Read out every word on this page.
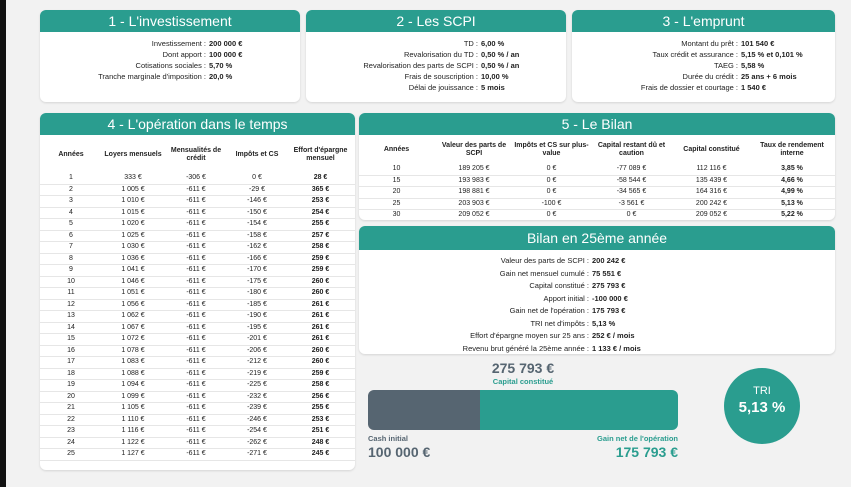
1 - L'investissement
Investissement : 200 000 €
Dont apport : 100 000 €
Cotisations sociales : 5,70 %
Tranche marginale d'imposition : 20,0 %
2 - Les SCPI
TD : 6,00 %
Revalorisation du TD : 0,50 % / an
Revalorisation des parts de SCPI : 0,50 % / an
Frais de souscription : 10,00 %
Délai de jouissance : 5 mois
3 - L'emprunt
Montant du prêt : 101 540 €
Taux crédit et assurance : 5,15 % et 0,101 %
TAEG : 5,58 %
Durée du crédit : 25 ans + 6 mois
Frais de dossier et courtage : 1 540 €
4 - L'opération dans le temps
Années	Loyers mensuels	Mensualités de crédit	Impôts et CS	Effort d'épargne mensuel
1	333 €	-306 €	0 €	28 €
2	1 005 €	-611 €	-29 €	365 €
3	1 010 €	-611 €	-146 €	253 €
4	1 015 €	-611 €	-150 €	254 €
5	1 020 €	-611 €	-154 €	255 €
6	1 025 €	-611 €	-158 €	257 €
7	1 030 €	-611 €	-162 €	258 €
8	1 036 €	-611 €	-166 €	259 €
9	1 041 €	-611 €	-170 €	259 €
10	1 046 €	-611 €	-175 €	260 €
11	1 051 €	-611 €	-180 €	260 €
12	1 056 €	-611 €	-185 €	261 €
13	1 062 €	-611 €	-190 €	261 €
14	1 067 €	-611 €	-195 €	261 €
15	1 072 €	-611 €	-201 €	261 €
16	1 078 €	-611 €	-206 €	260 €
17	1 083 €	-611 €	-212 €	260 €
18	1 088 €	-611 €	-219 €	259 €
19	1 094 €	-611 €	-225 €	258 €
20	1 099 €	-611 €	-232 €	256 €
21	1 105 €	-611 €	-239 €	255 €
22	1 110 €	-611 €	-246 €	253 €
23	1 116 €	-611 €	-254 €	251 €
24	1 122 €	-611 €	-262 €	248 €
25	1 127 €	-611 €	-271 €	245 €
5 - Le Bilan
Années	Valeur des parts de SCPI	Impôts et CS sur plus-value	Capital restant dû et caution	Capital constitué	Taux de rendement interne
10	189 205 €	0 €	-77 089 €	112 116 €	3,85 %
15	193 983 €	0 €	-58 544 €	135 439 €	4,66 %
20	198 881 €	0 €	-34 565 €	164 316 €	4,99 %
25	203 903 €	-100 €	-3 561 €	200 242 €	5,13 %
30	209 052 €	0 €	0 €	209 052 €	5,22 %
Bilan en 25ème année
Valeur des parts de SCPI : 200 242 €
Gain net mensuel cumulé : 75 551 €
Capital constitué : 275 793 €
Apport initial : -100 000 €
Gain net de l'opération : 175 793 €
TRI net d'impôts : 5,13 %
Effort d'épargne moyen sur 25 ans : 252 € / mois
Revenu brut généré la 25ème année : 1 133 € / mois
275 793 €
Capital constitué
Cash initial
100 000 €
Gain net de l'opération
175 793 €
TRI
5,13 %
